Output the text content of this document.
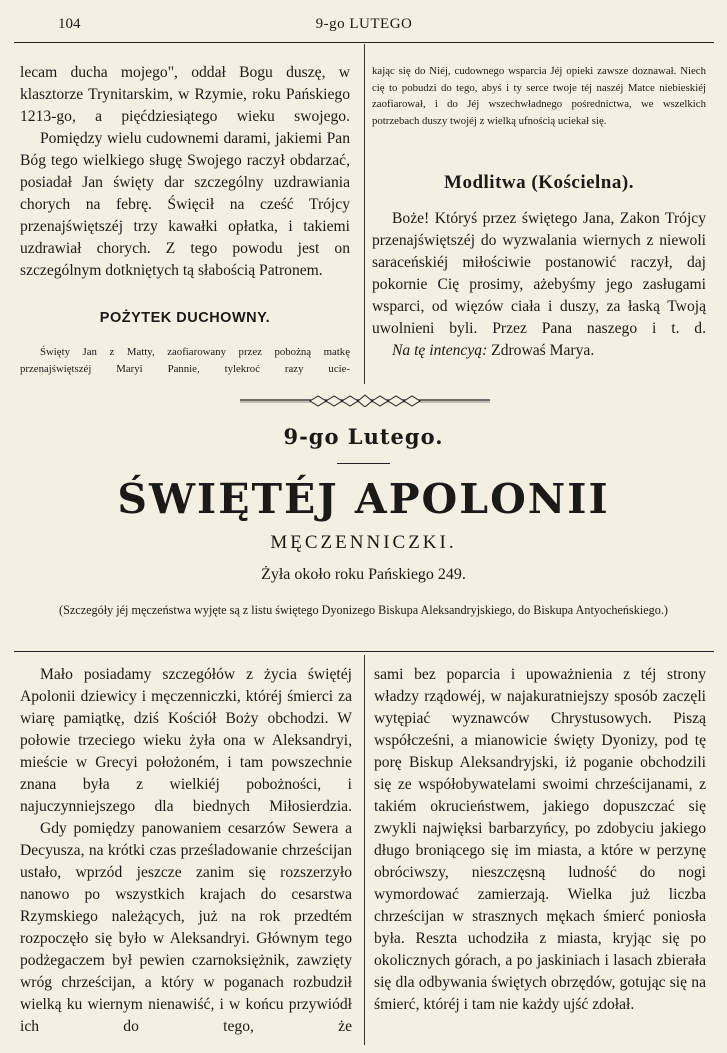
104	9-go LUTEGO

lecam ducha mojego", oddał Bogu duszę, w klasztorze Trynitarskim, w Rzymie, roku Pańskiego 1213-go, a pięćdziesiątego wieku swojego.

Pomiędzy wielu cudownemi darami, jakiemi Pan Bóg tego wielkiego sługę Swojego raczył obdarzać, posiadał Jan święty dar szczególny uzdrawiania chorych na febrę. Święcił na cześć Trójcy przenajświętszéj trzy kawałki opłatka, i takiemi uzdrawiał chorych. Z tego powodu jest on szczególnym dotkniętych tą słabością Patronem.

POŻYTEK DUCHOWNY.

Święty Jan z Matty, zaofiarowany przez pobożną matkę przenajświętszéj Maryi Pannie, tylekroć razy ucie-

kając się do Niéj, cudownego wsparcia Jéj opieki zawsze doznawał. Niech cię to pobudzi do tego, abyś i ty serce twoje téj naszéj Matce niebieskiéj zaofiarował, i do Jéj wszechwładnego pośrednictwa, we wszelkich potrzebach duszy twojéj z wielką ufnością uciekał się.

Modlitwa (Kościelna).

Boże! Któryś przez świętego Jana, Zakon Trójcy przenajświętszéj do wyzwalania wiernych z niewoli saraceńskiéj miłościwie postanowić raczył, daj pokornie Cię prosimy, ażebyśmy jego zasługami wsparci, od więzów ciała i duszy, za łaską Twoją uwolnieni byli. Przez Pana naszego i t. d.

Na tę intencyą: Zdrowaś Marya.

9-go Lutego.
ŚWIĘTÉJ APOLONII
MĘCZENNICZKI.
Żyła około roku Pańskiego 249.
(Szczegóły jéj męczeństwa wyjęte są z listu świętego Dyonizego Biskupa Aleksandryjskiego, do Biskupa Antyocheńskiego.)

Mało posiadamy szczegółów z życia świętéj Apolonii dziewicy i męczenniczki, któréj śmierci za wiarę pamiątkę, dziś Kościół Boży obchodzi. W połowie trzeciego wieku żyła ona w Aleksandryi, mieście w Grecyi położoném, i tam powszechnie znana była z wielkiéj pobożności, i najuczynniejszego dla biednych Miłosierdzia.

Gdy pomiędzy panowaniem cesarzów Sewera a Decyusza, na krótki czas prześladowanie chrześcijan ustało, wprzód jeszcze zanim się rozszerzyło nanowo po wszystkich krajach do cesarstwa Rzymskiego należących, już na rok przedtém rozpoczęło się było w Aleksandryi. Głównym tego podżegaczem był pewien czarnoksiężnik, zawzięty wróg chrześcijan, a który w poganach rozbudził wielką ku wiernym nienawiść, i w końcu przywiódł ich do tego, że

sami bez poparcia i upoważnienia z téj strony władzy rządowéj, w najakuratniejszy sposób zaczęli wytępiać wyznawców Chrystusowych. Piszą współcześni, a mianowicie święty Dyonizy, pod tę porę Biskup Aleksandryjski, iż poganie obchodzili się ze współobywatelami swoimi chrześcijanami, z takiém okrucieństwem, jakiego dopuszczać się zwykli najwięksi barbarzyńcy, po zdobyciu jakiego długo broniącego się im miasta, a które w perzynę obróciwszy, nieszczęsną ludność do nogi wymordować zamierzają. Wielka już liczba chrześcijan w strasznych mękach śmierć poniosła była. Reszta uchodziła z miasta, kryjąc się po okolicznych górach, a po jaskiniach i lasach zbierała się dla odbywania świętych obrzędów, gotując się na śmierć, któréj i tam nie każdy ujść zdołał.
